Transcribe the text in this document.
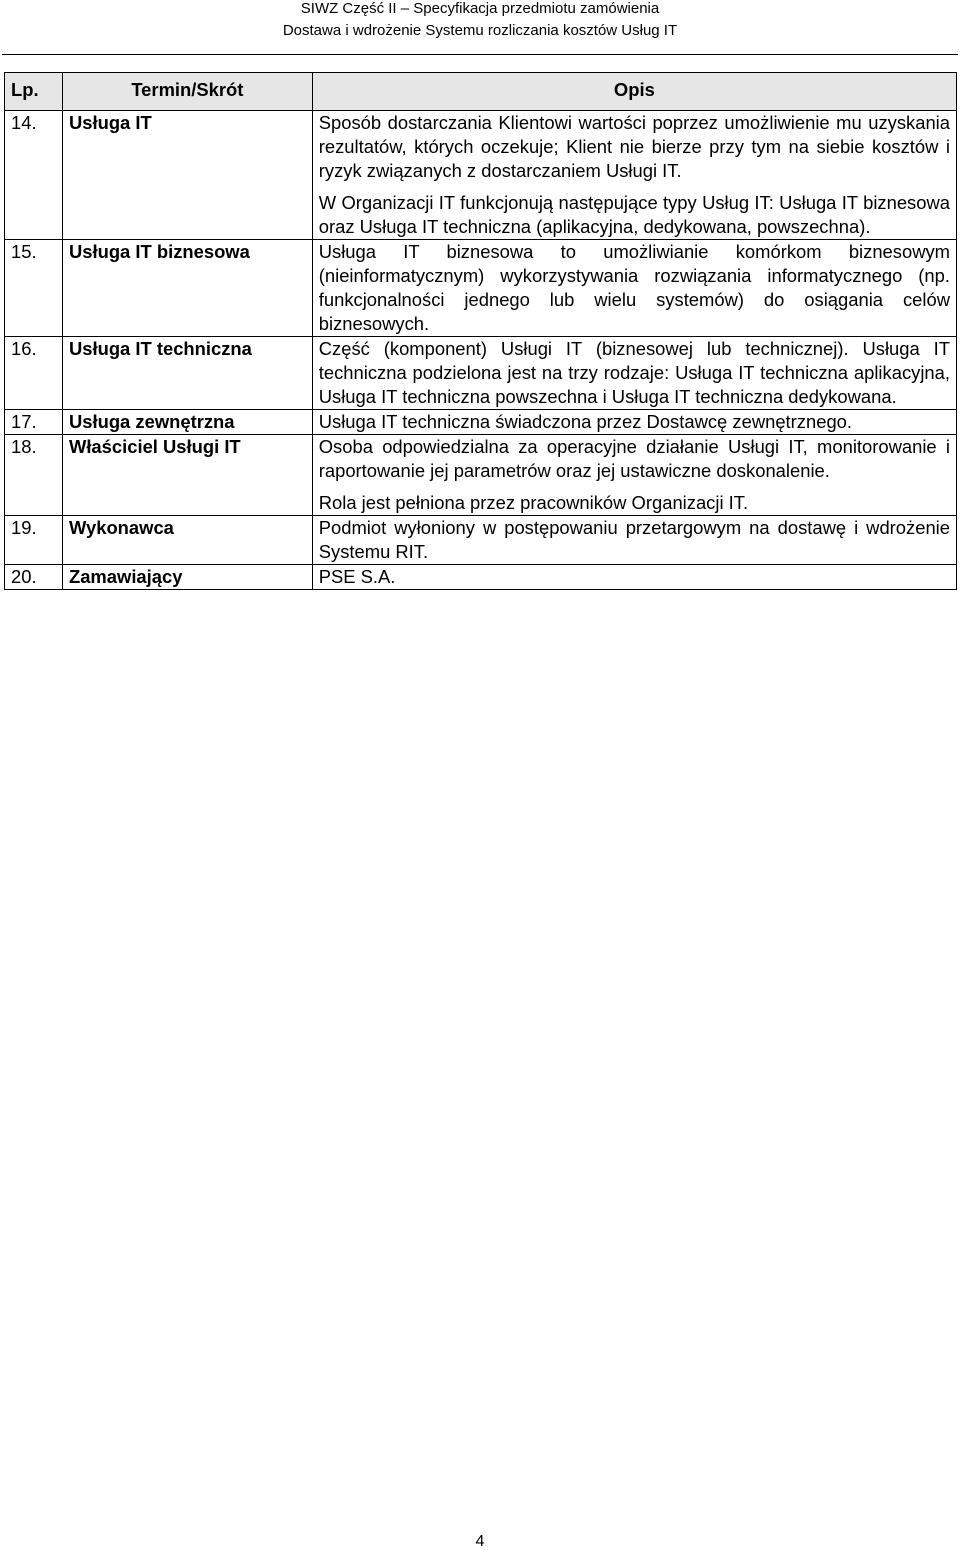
SIWZ Część II – Specyfikacja przedmiotu zamówienia
Dostawa i wdrożenie Systemu rozliczania kosztów Usług IT
Lp.	Termin/Skrót	Opis
14.	Usługa IT	Sposób dostarczania Klientowi wartości poprzez umożliwienie mu uzyskania rezultatów, których oczekuje; Klient nie bierze przy tym na siebie kosztów i ryzyk związanych z dostarczaniem Usługi IT.

W Organizacji IT funkcjonują następujące typy Usług IT: Usługa IT biznesowa oraz Usługa IT techniczna (aplikacyjna, dedykowana, powszechna).

15.	Usługa IT biznesowa	Usługa IT biznesowa to umożliwianie komórkom biznesowym (nieinformatycznym) wykorzystywania rozwiązania informatycznego (np. funkcjonalności jednego lub wielu systemów) do osiągania celów biznesowych.

16.	Usługa IT techniczna	Część (komponent) Usługi IT (biznesowej lub technicznej). Usługa IT techniczna podzielona jest na trzy rodzaje: Usługa IT techniczna aplikacyjna, Usługa IT techniczna powszechna i Usługa IT techniczna dedykowana.

17.	Usługa zewnętrzna	Usługa IT techniczna świadczona przez Dostawcę zewnętrznego.

18.	Właściciel Usługi IT	Osoba odpowiedzialna za operacyjne działanie Usługi IT, monitorowanie i raportowanie jej parametrów oraz jej ustawiczne doskonalenie.

Rola jest pełniona przez pracowników Organizacji IT.

19.	Wykonawca	Podmiot wyłoniony w postępowaniu przetargowym na dostawę i wdrożenie Systemu RIT.

20.	Zamawiający	PSE S.A.

4
